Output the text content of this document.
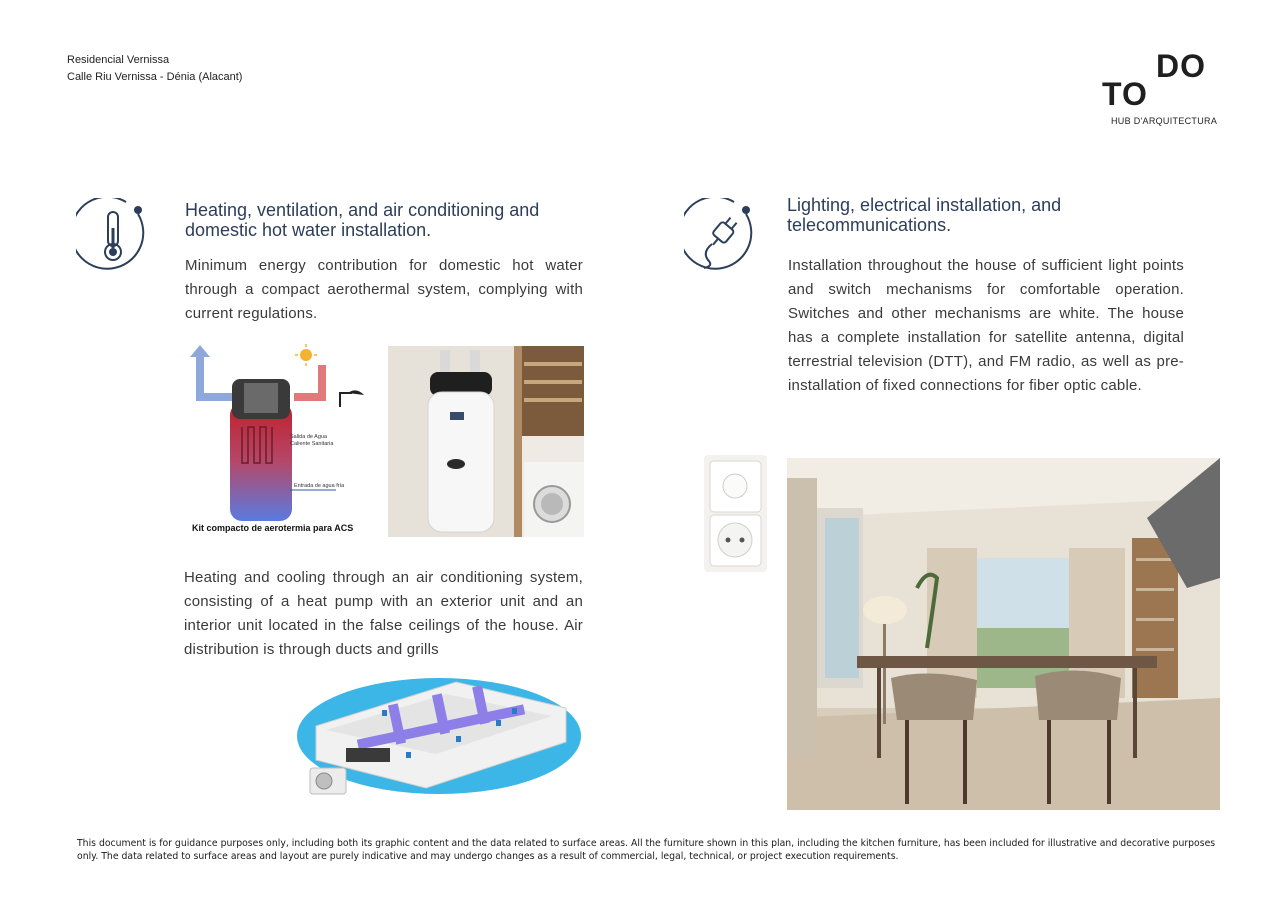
Residencial Vernissa
Calle Riu Vernissa - Dénia (Alacant)	DO
TO
HUB D'ARQUITECTURA
Heating, ventilation, and air conditioning and domestic hot water installation.
Minimum energy contribution for domestic hot water through a compact aerothermal system, complying with current regulations.
Salida de Agua
Caliente Sanitaria
Entrada de agua fría
Kit compacto de aerotermia para ACS
Heating and cooling through an air conditioning system, consisting of a heat pump with an exterior unit and an interior unit located in the false ceilings of the house. Air distribution is through ducts and grills
Lighting, electrical installation, and telecommunications.
Installation throughout the house of sufficient light points and switch mechanisms for comfortable operation. Switches and other mechanisms are white. The house has a complete installation for satellite antenna, digital terrestrial television (DTT), and FM radio, as well as pre-installation of fixed connections for fiber optic cable.
This document is for guidance purposes only, including both its graphic content and the data related to surface areas. All the furniture shown in this plan, including the kitchen furniture, has been included for illustrative and decorative purposes only. The data related to surface areas and layout are purely indicative and may undergo changes as a result of commercial, legal, technical, or project execution requirements.
